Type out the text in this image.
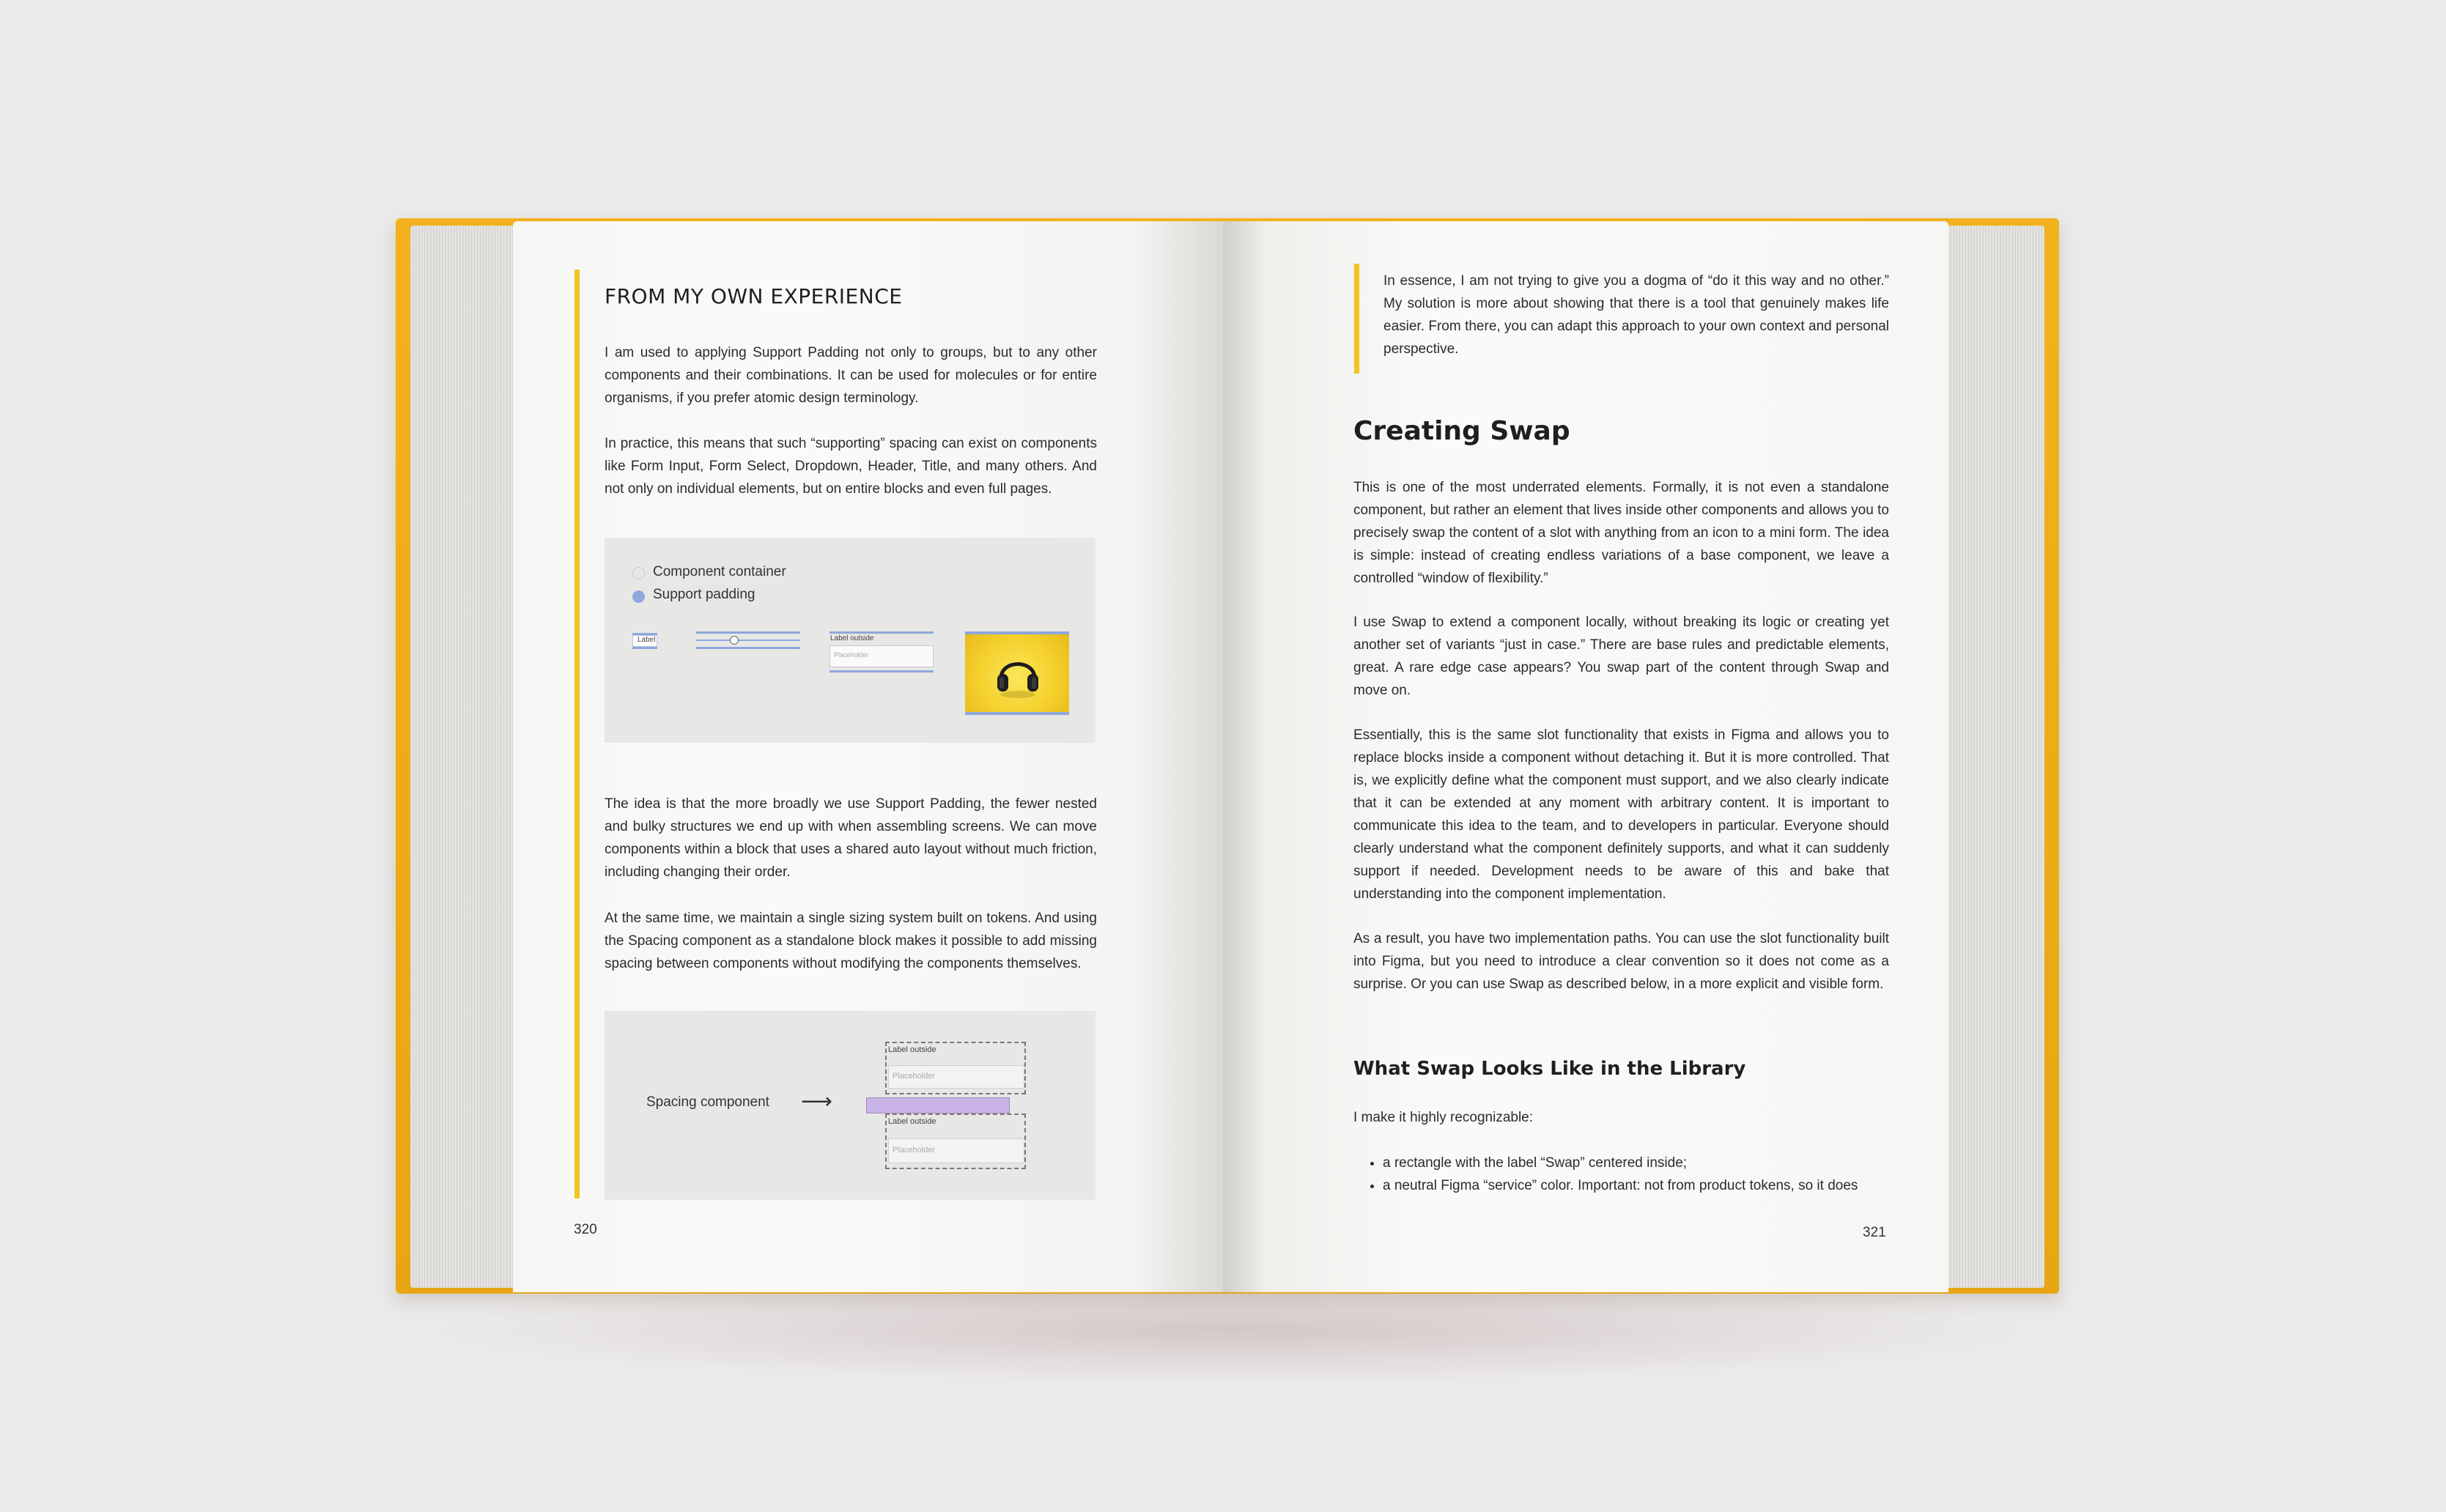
FROM MY OWN EXPERIENCE

I am used to applying Support Padding not only to groups, but to any other components and their combinations. It can be used for molecules or for entire organisms, if you prefer atomic design terminology.

In practice, this means that such “supporting” spacing can exist on components like Form Input, Form Select, Dropdown, Header, Title, and many others. And not only on individual elements, but on entire blocks and even full pages.

Component container
Support padding
Label	Label outside
Placeholder

The idea is that the more broadly we use Support Padding, the fewer nested and bulky structures we end up with when assembling screens. We can move components within a block that uses a shared auto layout without much friction, including changing their order.

At the same time, we maintain a single sizing system built on tokens. And using the Spacing component as a standalone block makes it possible to add missing spacing between components without modifying the components themselves.

Spacing component ⟶
Label outside
Placeholder
Label outside
Placeholder
320

In essence, I am not trying to give you a dogma of “do it this way and no other.” My solution is more about showing that there is a tool that genuinely makes life easier. From there, you can adapt this approach to your own context and personal perspective.

Creating Swap

This is one of the most underrated elements. Formally, it is not even a standalone component, but rather an element that lives inside other components and allows you to precisely swap the content of a slot with anything from an icon to a mini form. The idea is simple: instead of creating endless variations of a base component, we leave a controlled “window of flexibility.”

I use Swap to extend a component locally, without breaking its logic or creating yet another set of variants “just in case.” There are base rules and predictable elements, great. A rare edge case appears? You swap part of the content through Swap and move on.

Essentially, this is the same slot functionality that exists in Figma and allows you to replace blocks inside a component without detaching it. But it is more controlled. That is, we explicitly define what the component must support, and we also clearly indicate that it can be extended at any moment with arbitrary content. It is important to communicate this idea to the team, and to developers in particular. Everyone should clearly understand what the component definitely supports, and what it can suddenly support if needed. Development needs to be aware of this and bake that understanding into the component implementation.

As a result, you have two implementation paths. You can use the slot functionality built into Figma, but you need to introduce a clear convention so it does not come as a surprise. Or you can use Swap as described below, in a more explicit and visible form.

What Swap Looks Like in the Library

I make it highly recognizable:

• a rectangle with the label “Swap” centered inside;
• a neutral Figma “service” color. Important: not from product tokens, so it does
321
